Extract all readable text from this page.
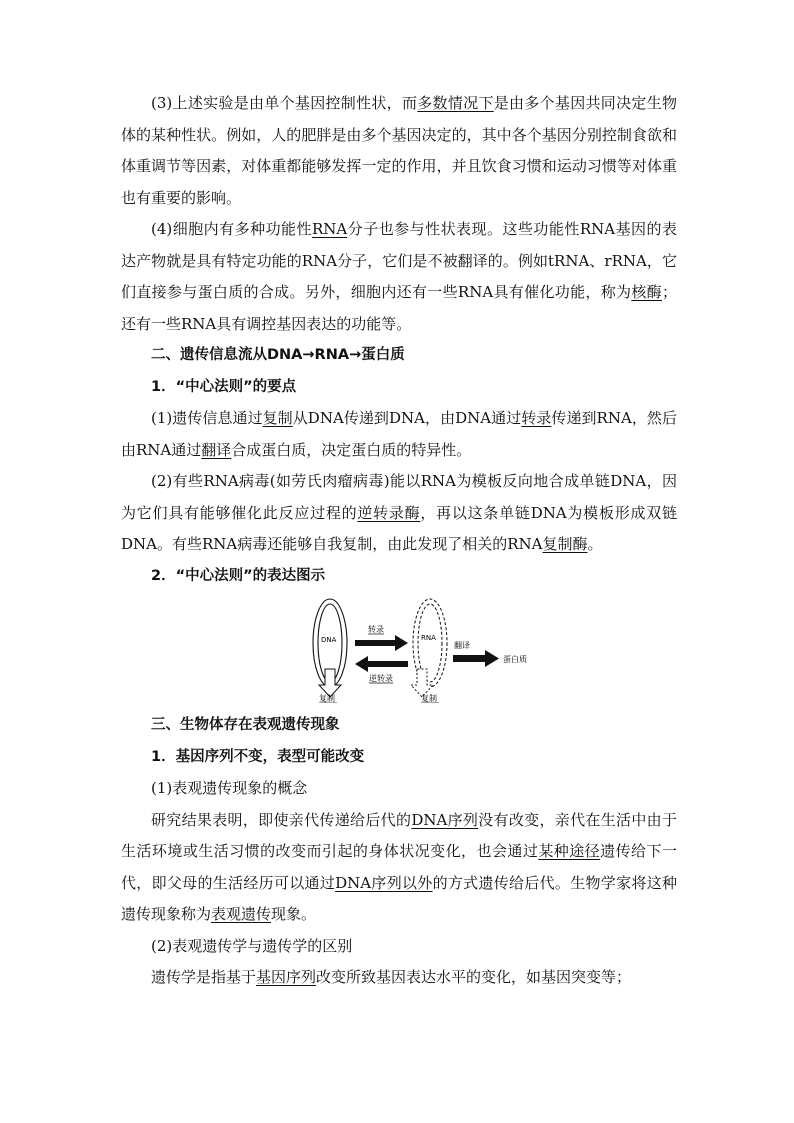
(3)上述实验是由单个基因控制性状，而多数情况下是由多个基因共同决定生物体的某种性状。例如，人的肥胖是由多个基因决定的，其中各个基因分别控制食欲和体重调节等因素，对体重都能够发挥一定的作用，并且饮食习惯和运动习惯等对体重也有重要的影响。

(4)细胞内有多种功能性RNA分子也参与性状表现。这些功能性RNA基因的表达产物就是具有特定功能的RNA分子，它们是不被翻译的。例如tRNA、rRNA，它们直接参与蛋白质的合成。另外，细胞内还有一些RNA具有催化功能，称为核酶；还有一些RNA具有调控基因表达的功能等。

二、遗传信息流从DNA→RNA→蛋白质

1．“中心法则”的要点

(1)遗传信息通过复制从DNA传递到DNA，由DNA通过转录传递到RNA，然后由RNA通过翻译合成蛋白质，决定蛋白质的特异性。

(2)有些RNA病毒(如劳氏肉瘤病毒)能以RNA为模板反向地合成单链DNA，因为它们具有能够催化此反应过程的逆转录酶，再以这条单链DNA为模板形成双链DNA。有些RNA病毒还能够自我复制，由此发现了相关的RNA复制酶。

2．“中心法则”的表达图示

DNA	RNA
转录
逆转录
翻译
蛋白质
复制	复制

三、生物体存在表观遗传现象

1．基因序列不变，表型可能改变

(1)表观遗传现象的概念

研究结果表明，即使亲代传递给后代的DNA序列没有改变，亲代在生活中由于生活环境或生活习惯的改变而引起的身体状况变化，也会通过某种途径遗传给下一代，即父母的生活经历可以通过DNA序列以外的方式遗传给后代。生物学家将这种遗传现象称为表观遗传现象。

(2)表观遗传学与遗传学的区别

遗传学是指基于基因序列改变所致基因表达水平的变化，如基因突变等；
